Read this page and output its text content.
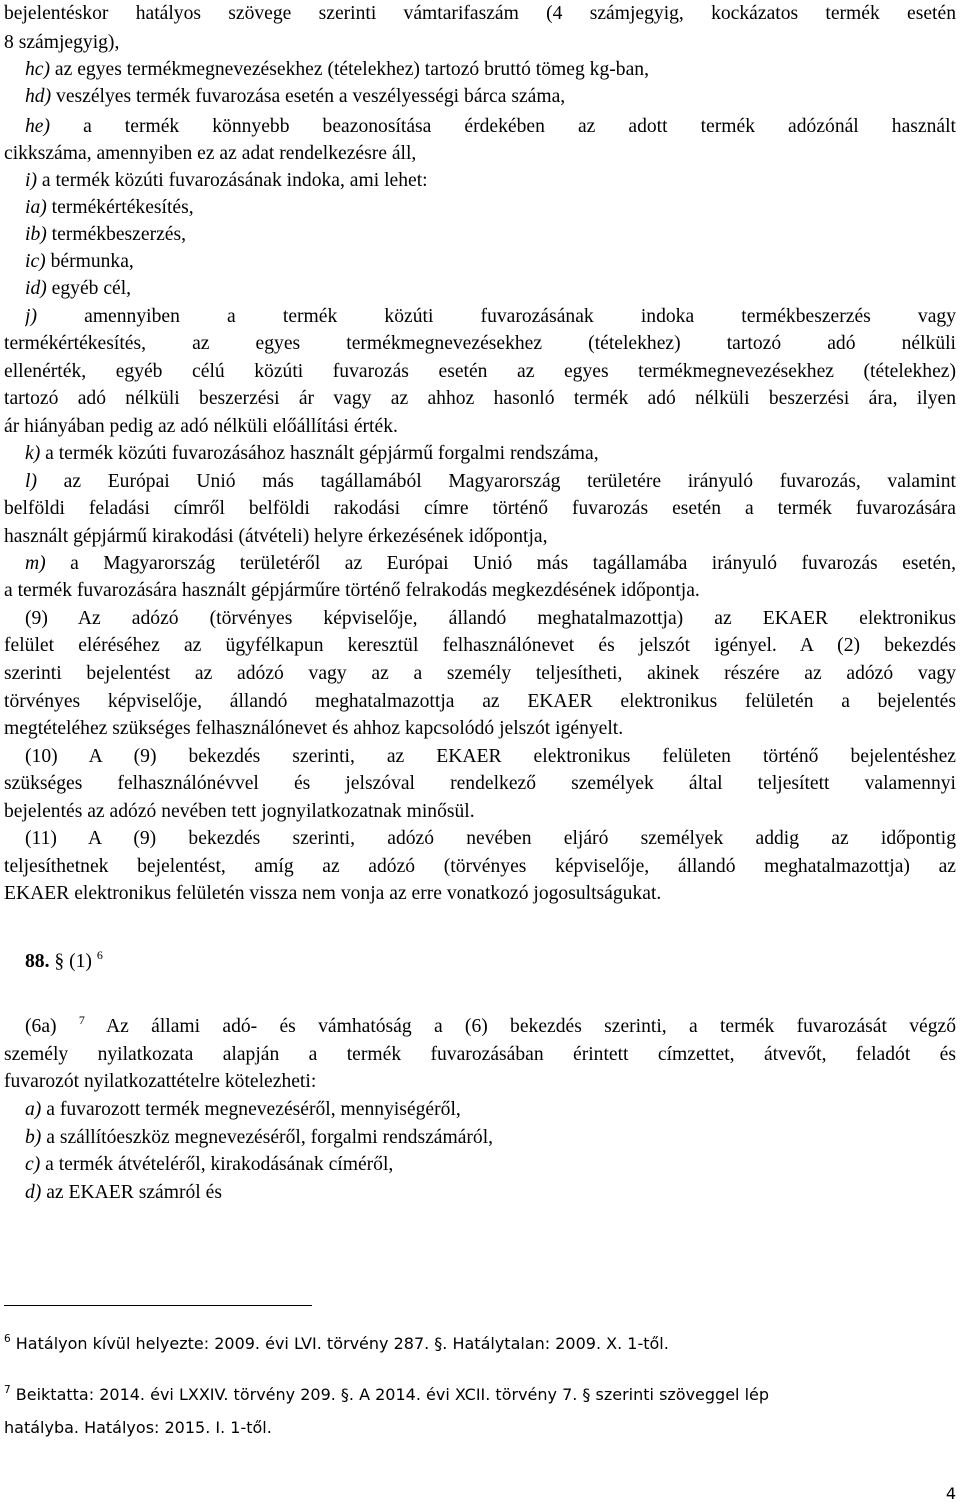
bejelentéskor hatályos szövege szerinti vámtarifaszám (4 számjegyig, kockázatos termék esetén

8 számjegyig),

hc) az egyes termékmegnevezésekhez (tételekhez) tartozó bruttó tömeg kg-ban,

hd) veszélyes termék fuvarozása esetén a veszélyességi bárca száma,

he) a termék könnyebb beazonosítása érdekében az adott termék adózónál használt

cikkszáma, amennyiben ez az adat rendelkezésre áll,

i) a termék közúti fuvarozásának indoka, ami lehet:

ia) termékértékesítés,

ib) termékbeszerzés,

ic) bérmunka,

id) egyéb cél,

j) amennyiben a termék közúti fuvarozásának indoka termékbeszerzés vagy

termékértékesítés, az egyes termékmegnevezésekhez (tételekhez) tartozó adó nélküli

ellenérték, egyéb célú közúti fuvarozás esetén az egyes termékmegnevezésekhez (tételekhez)

tartozó adó nélküli beszerzési ár vagy az ahhoz hasonló termék adó nélküli beszerzési ára, ilyen

ár hiányában pedig az adó nélküli előállítási érték.

k) a termék közúti fuvarozásához használt gépjármű forgalmi rendszáma,

l) az Európai Unió más tagállamából Magyarország területére irányuló fuvarozás, valamint

belföldi feladási címről belföldi rakodási címre történő fuvarozás esetén a termék fuvarozására

használt gépjármű kirakodási (átvételi) helyre érkezésének időpontja,

m) a Magyarország területéről az Európai Unió más tagállamába irányuló fuvarozás esetén,

a termék fuvarozására használt gépjárműre történő felrakodás megkezdésének időpontja.

(9) Az adózó (törvényes képviselője, állandó meghatalmazottja) az EKAER elektronikus

felület eléréséhez az ügyfélkapun keresztül felhasználónevet és jelszót igényel. A (2) bekezdés

szerinti bejelentést az adózó vagy az a személy teljesítheti, akinek részére az adózó vagy

törvényes képviselője, állandó meghatalmazottja az EKAER elektronikus felületén a bejelentés

megtételéhez szükséges felhasználónevet és ahhoz kapcsolódó jelszót igényelt.

(10) A (9) bekezdés szerinti, az EKAER elektronikus felületen történő bejelentéshez

szükséges felhasználónévvel és jelszóval rendelkező személyek által teljesített valamennyi

bejelentés az adózó nevében tett jognyilatkozatnak minősül.

(11) A (9) bekezdés szerinti, adózó nevében eljáró személyek addig az időpontig

teljesíthetnek bejelentést, amíg az adózó (törvényes képviselője, állandó meghatalmazottja) az

EKAER elektronikus felületén vissza nem vonja az erre vonatkozó jogosultságukat.

88. § (1) $^6$

(6a) $^7$ Az állami adó- és vámhatóság a (6) bekezdés szerinti, a termék fuvarozását végző

személy nyilatkozata alapján a termék fuvarozásában érintett címzettet, átvevőt, feladót és

fuvarozót nyilatkozattételre kötelezheti:

a) a fuvarozott termék megnevezéséről, mennyiségéről,

b) a szállítóeszköz megnevezéséről, forgalmi rendszámáról,

c) a termék átvételéről, kirakodásának címéről,

d) az EKAER számról és

$^6$ Hatályon kívül helyezte: 2009. évi LVI. törvény 287. §. Hatálytalan: 2009. X. 1-től.

$^7$ Beiktatta: 2014. évi LXXIV. törvény 209. §. A 2014. évi XCII. törvény 7. § szerinti szöveggel lép

hatályba. Hatályos: 2015. I. 1-től.

4
